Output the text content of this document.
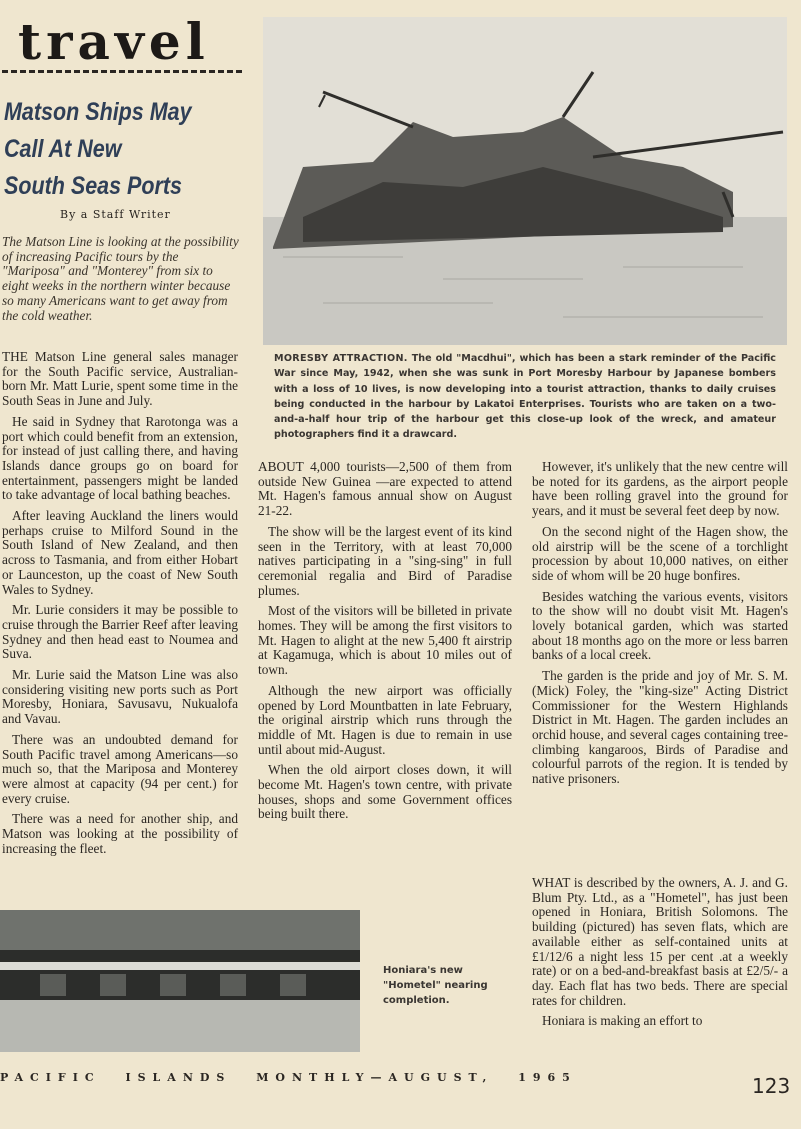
travel
Matson Ships May
Call At New
South Seas Ports
By a Staff Writer
The Matson Line is looking at the possibility of increasing Pacific tours by the "Mariposa" and "Monterey" from six to eight weeks in the northern winter because so many Americans want to get away from the cold weather.

THE Matson Line general sales manager for the South Pacific service, Australian-born Mr. Matt Lurie, spent some time in the South Seas in June and July.

He said in Sydney that Rarotonga was a port which could benefit from an extension, for instead of just calling there, and having Islands dance groups go on board for entertainment, passengers might be landed to take advantage of local bathing beaches.

After leaving Auckland the liners would perhaps cruise to Milford Sound in the South Island of New Zealand, and then across to Tasmania, and from either Hobart or Launceston, up the coast of New South Wales to Sydney.

Mr. Lurie considers it may be possible to cruise through the Barrier Reef after leaving Sydney and then head east to Noumea and Suva.

Mr. Lurie said the Matson Line was also considering visiting new ports such as Port Moresby, Honiara, Savusavu, Nukualofa and Vavau.

There was an undoubted demand for South Pacific travel among Americans—so much so, that the Mariposa and Monterey were almost at capacity (94 per cent.) for every cruise.

There was a need for another ship, and Matson was looking at the possibility of increasing the fleet.

MORESBY ATTRACTION. The old "Macdhui", which has been a stark reminder of the Pacific War since May, 1942, when she was sunk in Port Moresby Harbour by Japanese bombers with a loss of 10 lives, is now developing into a tourist attraction, thanks to daily cruises being conducted in the harbour by Lakatoi Enterprises. Tourists who are taken on a two-and-a-half hour trip of the harbour get this close-up look of the wreck, and amateur photographers find it a drawcard.

ABOUT 4,000 tourists—2,500 of them from outside New Guinea —are expected to attend Mt. Hagen's famous annual show on August 21-22.

The show will be the largest event of its kind seen in the Territory, with at least 70,000 natives participating in a "sing-sing" in full ceremonial regalia and Bird of Paradise plumes.

Most of the visitors will be billeted in private homes. They will be among the first visitors to Mt. Hagen to alight at the new 5,400 ft airstrip at Kagamuga, which is about 10 miles out of town.

Although the new airport was officially opened by Lord Mountbatten in late February, the original airstrip which runs through the middle of Mt. Hagen is due to remain in use until about mid-August.

When the old airport closes down, it will become Mt. Hagen's town centre, with private houses, shops and some Government offices being built there.

However, it's unlikely that the new centre will be noted for its gardens, as the airport people have been rolling gravel into the ground for years, and it must be several feet deep by now.

On the second night of the Hagen show, the old airstrip will be the scene of a torchlight procession by about 10,000 natives, on either side of whom will be 20 huge bonfires.

Besides watching the various events, visitors to the show will no doubt visit Mt. Hagen's lovely botanical garden, which was started about 18 months ago on the more or less barren banks of a local creek.

The garden is the pride and joy of Mr. S. M. (Mick) Foley, the "king-size" Acting District Commissioner for the Western Highlands District in Mt. Hagen. The garden includes an orchid house, and several cages containing tree-climbing kangaroos, Birds of Paradise and colourful parrots of the region. It is tended by native prisoners.

WHAT is described by the owners, A. J. and G. Blum Pty. Ltd., as a "Hometel", has just been opened in Honiara, British Solomons. The building (pictured) has seven flats, which are available either as self-contained units at £1/12/6 a night less 15 per cent .at a weekly rate) or on a bed-and-breakfast basis at £2/5/- a day. Each flat has two beds. There are special rates for children.

Honiara is making an effort to

Honiara's new
"Hometel" nearing
completion.
PACIFIC ISLANDS MONTHLY—AUGUST, 1965	123
